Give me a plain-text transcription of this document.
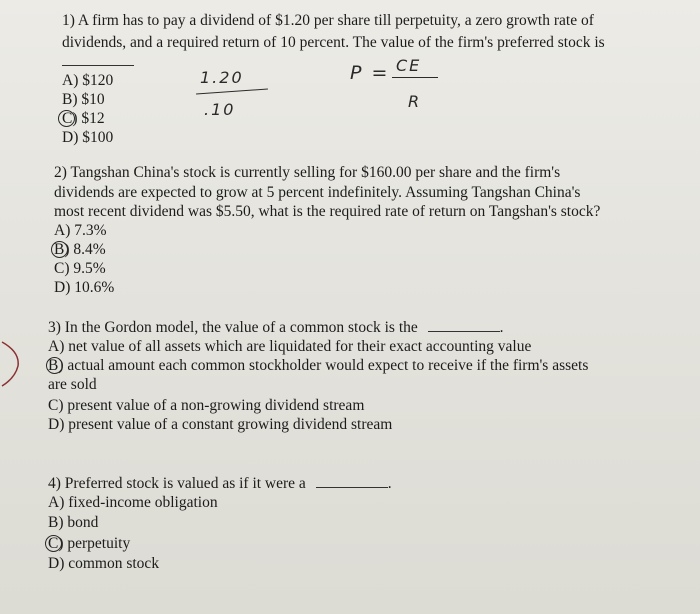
1) A firm has to pay a dividend of $1.20 per share till perpetuity, a zero growth rate of
dividends, and a required return of 10 percent. The value of the firm's preferred stock is
A) $120
B) $10
C) $12
D) $100
1.20
.10
P = CE
R
2) Tangshan China's stock is currently selling for $160.00 per share and the firm's
dividends are expected to grow at 5 percent indefinitely. Assuming Tangshan China's
most recent dividend was $5.50, what is the required rate of return on Tangshan's stock?
A) 7.3%
B) 8.4%
C) 9.5%
D) 10.6%
3) In the Gordon model, the value of a common stock is the	.
A) net value of all assets which are liquidated for their exact accounting value
B) actual amount each common stockholder would expect to receive if the firm's assets
are sold
C) present value of a non-growing dividend stream
D) present value of a constant growing dividend stream
4) Preferred stock is valued as if it were a	.
A) fixed-income obligation
B) bond
C) perpetuity
D) common stock
